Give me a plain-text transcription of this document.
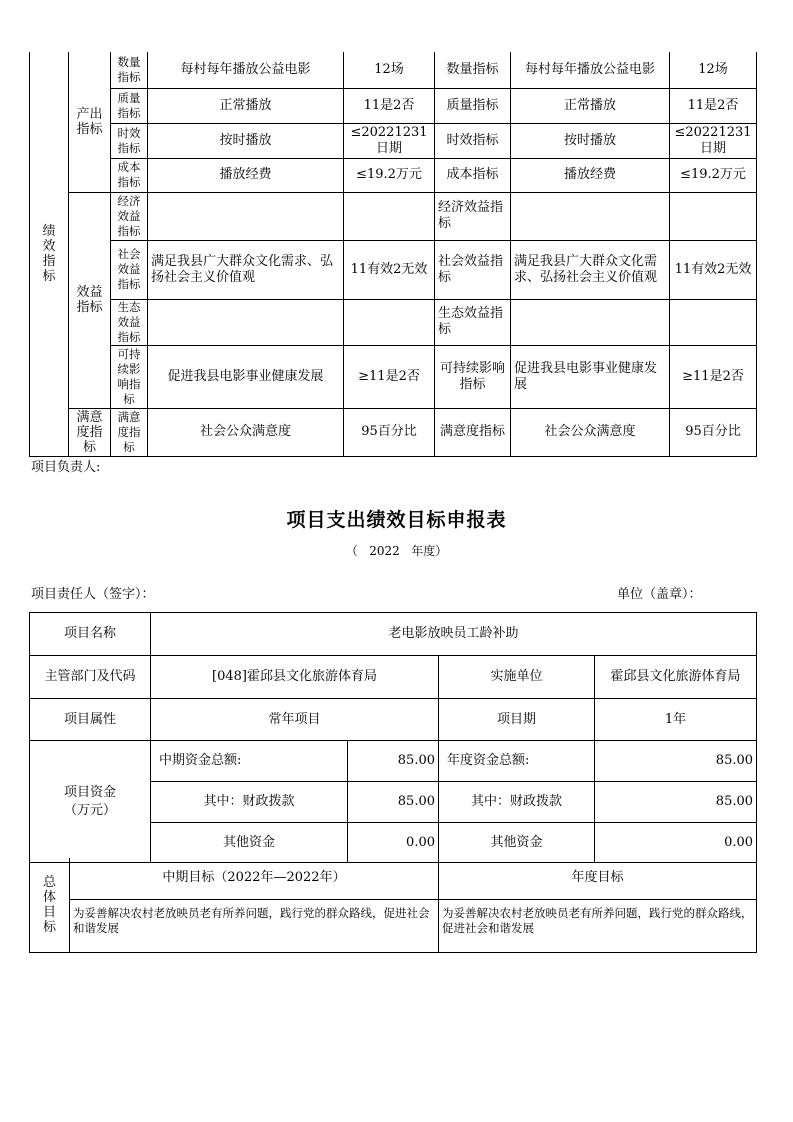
绩效指标	产出指标	数量指标	每村每年播放公益电影	12场	数量指标	每村每年播放公益电影	12场

		质量指标	正常播放	11是2否	质量指标	正常播放	11是2否

		时效指标	按时播放	≤20221231日期	时效指标	按时播放	≤20221231日期

		成本指标	播放经费	≤19.2万元	成本指标	播放经费	≤19.2万元

	效益指标	经济效益指标			经济效益指标		

		社会效益指标	满足我县广大群众文化需求、弘扬社会主义价值观	11有效2无效	社会效益指标	满足我县广大群众文化需求、弘扬社会主义价值观	11有效2无效

		生态效益指标			生态效益指标		

		可持续影响指标	促进我县电影事业健康发展	≥11是2否	可持续影响指标	促进我县电影事业健康发展	≥11是2否

	满意度指标	满意度指标	社会公众满意度	95百分比	满意度指标	社会公众满意度	95百分比
项目负责人:
项目支出绩效目标申报表
（   2022   年度）
项目责任人（签字）：	单位（盖章）：
项目名称	老电影放映员工龄补助			
主管部门及代码	[048]霍邱县文化旅游体育局		实施单位	霍邱县文化旅游体育局
项目属性	常年项目		项目期	1年

项目资金（万元）	中期资金总额:	85.00	年度资金总额:	85.00
	其中：财政拨款	85.00	其中：财政拨款	85.00
	其他资金	0.00	其他资金	0.00
总体目标	中期目标（2022年—2022年）	年度目标
	为妥善解决农村老放映员老有所养问题，践行党的群众路线，促进社会和谐发展	为妥善解决农村老放映员老有所养问题，践行党的群众路线，促进社会和谐发展
